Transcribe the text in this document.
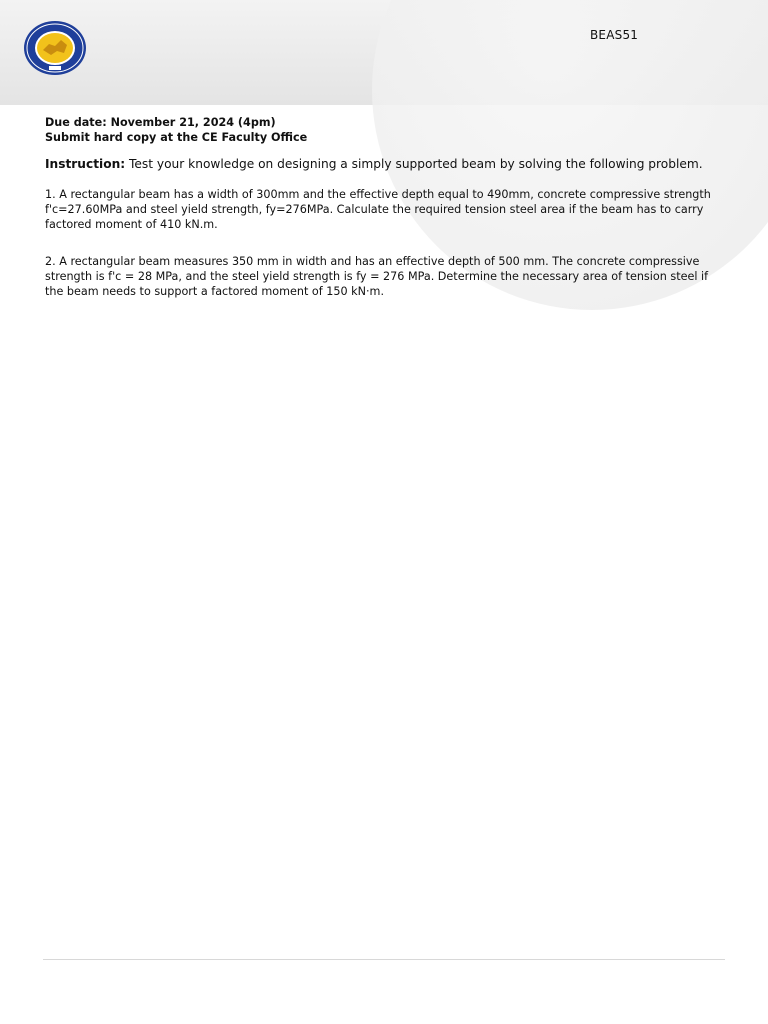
BEAS51

Due date: November 21, 2024 (4pm)

Submit hard copy at the CE Faculty Office

Instruction: Test your knowledge on designing a simply supported beam by solving the following problem.

1. A rectangular beam has a width of 300mm and the effective depth equal to 490mm, concrete compressive strength f'c=27.60MPa and steel yield strength, fy=276MPa. Calculate the required tension steel area if the beam has to carry factored moment of 410 kN.m.

2. A rectangular beam measures 350 mm in width and has an effective depth of 500 mm. The concrete compressive strength is f'c = 28 MPa, and the steel yield strength is fy = 276 MPa. Determine the necessary area of tension steel if the beam needs to support a factored moment of 150 kN·m.
